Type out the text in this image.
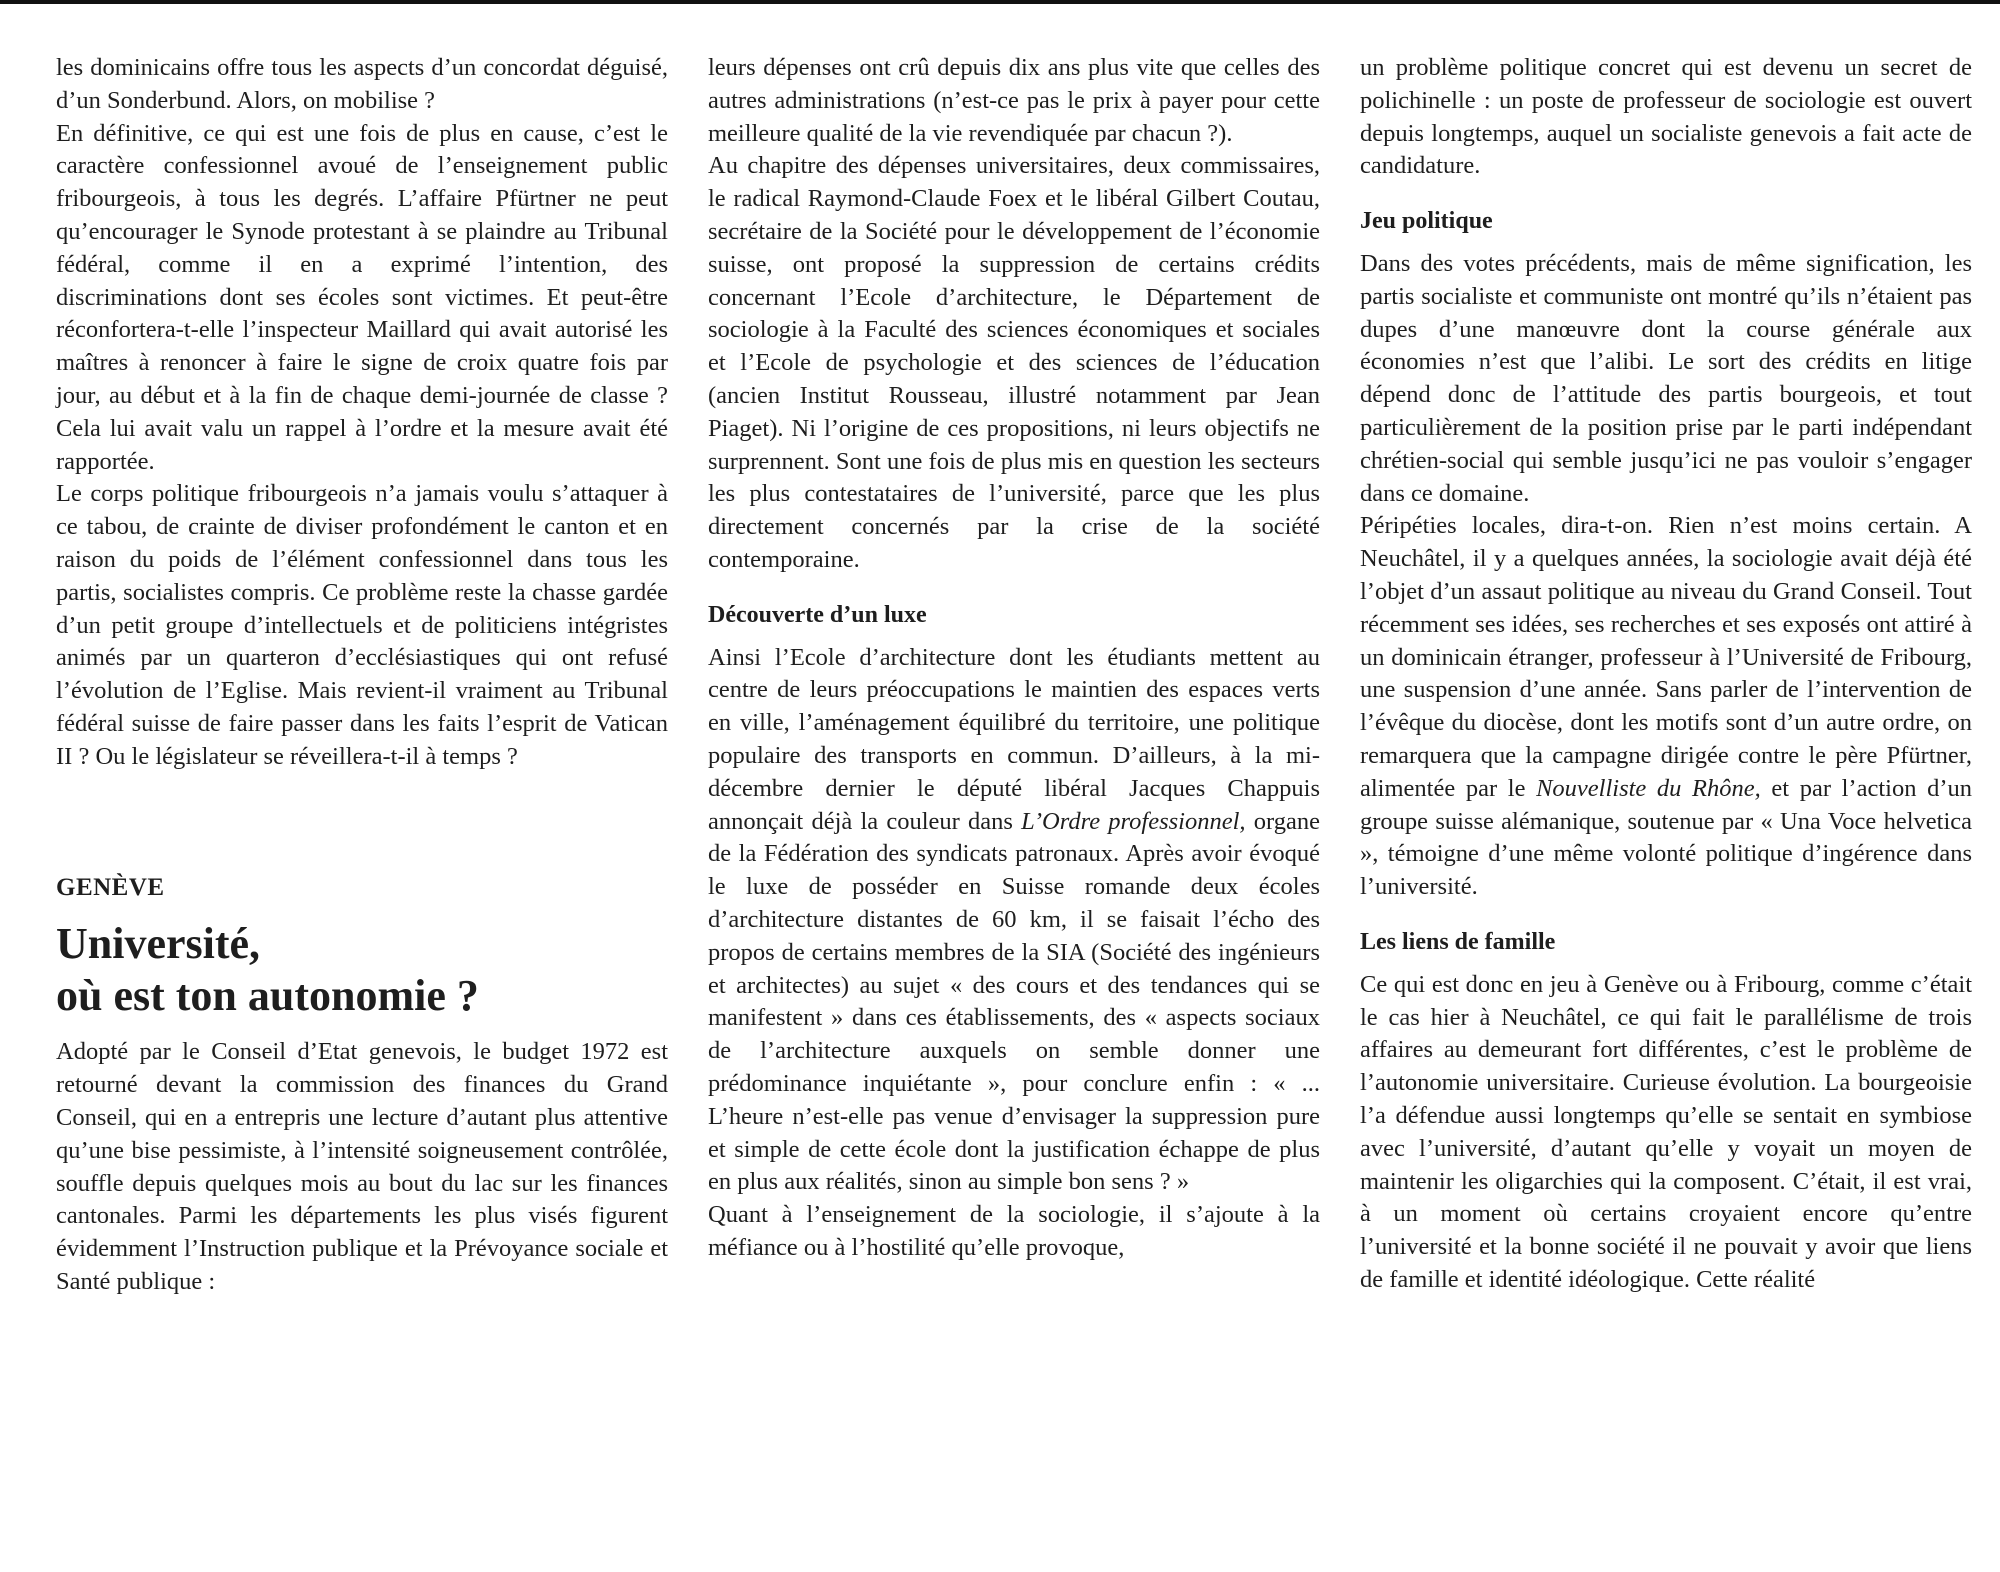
les dominicains offre tous les aspects d’un concordat déguisé, d’un Sonderbund. Alors, on mobilise ?

En définitive, ce qui est une fois de plus en cause, c’est le caractère confessionnel avoué de l’enseignement public fribourgeois, à tous les degrés. L’affaire Pfürtner ne peut qu’encourager le Synode protestant à se plaindre au Tribunal fédéral, comme il en a exprimé l’intention, des discriminations dont ses écoles sont victimes. Et peut-être réconfortera-t-elle l’inspecteur Maillard qui avait autorisé les maîtres à renoncer à faire le signe de croix quatre fois par jour, au début et à la fin de chaque demi-journée de classe ? Cela lui avait valu un rappel à l’ordre et la mesure avait été rapportée.

Le corps politique fribourgeois n’a jamais voulu s’attaquer à ce tabou, de crainte de diviser profondément le canton et en raison du poids de l’élément confessionnel dans tous les partis, socialistes compris. Ce problème reste la chasse gardée d’un petit groupe d’intellectuels et de politiciens intégristes animés par un quarteron d’ecclésiastiques qui ont refusé l’évolution de l’Eglise. Mais revient-il vraiment au Tribunal fédéral suisse de faire passer dans les faits l’esprit de Vatican II ? Ou le législateur se réveillera-t-il à temps ?

GENÈVE

Université,

où est ton autonomie ?

Adopté par le Conseil d’Etat genevois, le budget 1972 est retourné devant la commission des finances du Grand Conseil, qui en a entrepris une lecture d’autant plus attentive qu’une bise pessimiste, à l’intensité soigneusement contrôlée, souffle depuis quelques mois au bout du lac sur les finances cantonales. Parmi les départements les plus visés figurent évidemment l’Instruction publique et la Prévoyance sociale et Santé publique :

leurs dépenses ont crû depuis dix ans plus vite que celles des autres administrations (n’est-ce pas le prix à payer pour cette meilleure qualité de la vie revendiquée par chacun ?).

Au chapitre des dépenses universitaires, deux commissaires, le radical Raymond-Claude Foex et le libéral Gilbert Coutau, secrétaire de la Société pour le développement de l’économie suisse, ont proposé la suppression de certains crédits concernant l’Ecole d’architecture, le Département de sociologie à la Faculté des sciences économiques et sociales et l’Ecole de psychologie et des sciences de l’éducation (ancien Institut Rousseau, illustré notamment par Jean Piaget). Ni l’origine de ces propositions, ni leurs objectifs ne surprennent. Sont une fois de plus mis en question les secteurs les plus contestataires de l’université, parce que les plus directement concernés par la crise de la société contemporaine.

Découverte d’un luxe

Ainsi l’Ecole d’architecture dont les étudiants mettent au centre de leurs préoccupations le maintien des espaces verts en ville, l’aménagement équilibré du territoire, une politique populaire des transports en commun. D’ailleurs, à la mi-décembre dernier le député libéral Jacques Chappuis annonçait déjà la couleur dans L’Ordre professionnel, organe de la Fédération des syndicats patronaux. Après avoir évoqué le luxe de posséder en Suisse romande deux écoles d’architecture distantes de 60 km, il se faisait l’écho des propos de certains membres de la SIA (Société des ingénieurs et architectes) au sujet « des cours et des tendances qui se manifestent » dans ces établissements, des « aspects sociaux de l’architecture auxquels on semble donner une prédominance inquiétante », pour conclure enfin : « ... L’heure n’est-elle pas venue d’envisager la suppression pure et simple de cette école dont la justification échappe de plus en plus aux réalités, sinon au simple bon sens ? »

Quant à l’enseignement de la sociologie, il s’ajoute à la méfiance ou à l’hostilité qu’elle provoque,

un problème politique concret qui est devenu un secret de polichinelle : un poste de professeur de sociologie est ouvert depuis longtemps, auquel un socialiste genevois a fait acte de candidature.

Jeu politique

Dans des votes précédents, mais de même signification, les partis socialiste et communiste ont montré qu’ils n’étaient pas dupes d’une manœuvre dont la course générale aux économies n’est que l’alibi. Le sort des crédits en litige dépend donc de l’attitude des partis bourgeois, et tout particulièrement de la position prise par le parti indépendant chrétien-social qui semble jusqu’ici ne pas vouloir s’engager dans ce domaine.

Péripéties locales, dira-t-on. Rien n’est moins certain. A Neuchâtel, il y a quelques années, la sociologie avait déjà été l’objet d’un assaut politique au niveau du Grand Conseil. Tout récemment ses idées, ses recherches et ses exposés ont attiré à un dominicain étranger, professeur à l’Université de Fribourg, une suspension d’une année. Sans parler de l’intervention de l’évêque du diocèse, dont les motifs sont d’un autre ordre, on remarquera que la campagne dirigée contre le père Pfürtner, alimentée par le Nouvelliste du Rhône, et par l’action d’un groupe suisse alémanique, soutenue par « Una Voce helvetica », témoigne d’une même volonté politique d’ingérence dans l’université.

Les liens de famille

Ce qui est donc en jeu à Genève ou à Fribourg, comme c’était le cas hier à Neuchâtel, ce qui fait le parallélisme de trois affaires au demeurant fort différentes, c’est le problème de l’autonomie universitaire. Curieuse évolution. La bourgeoisie l’a défendue aussi longtemps qu’elle se sentait en symbiose avec l’université, d’autant qu’elle y voyait un moyen de maintenir les oligarchies qui la composent. C’était, il est vrai, à un moment où certains croyaient encore qu’entre l’université et la bonne société il ne pouvait y avoir que liens de famille et identité idéologique. Cette réalité
